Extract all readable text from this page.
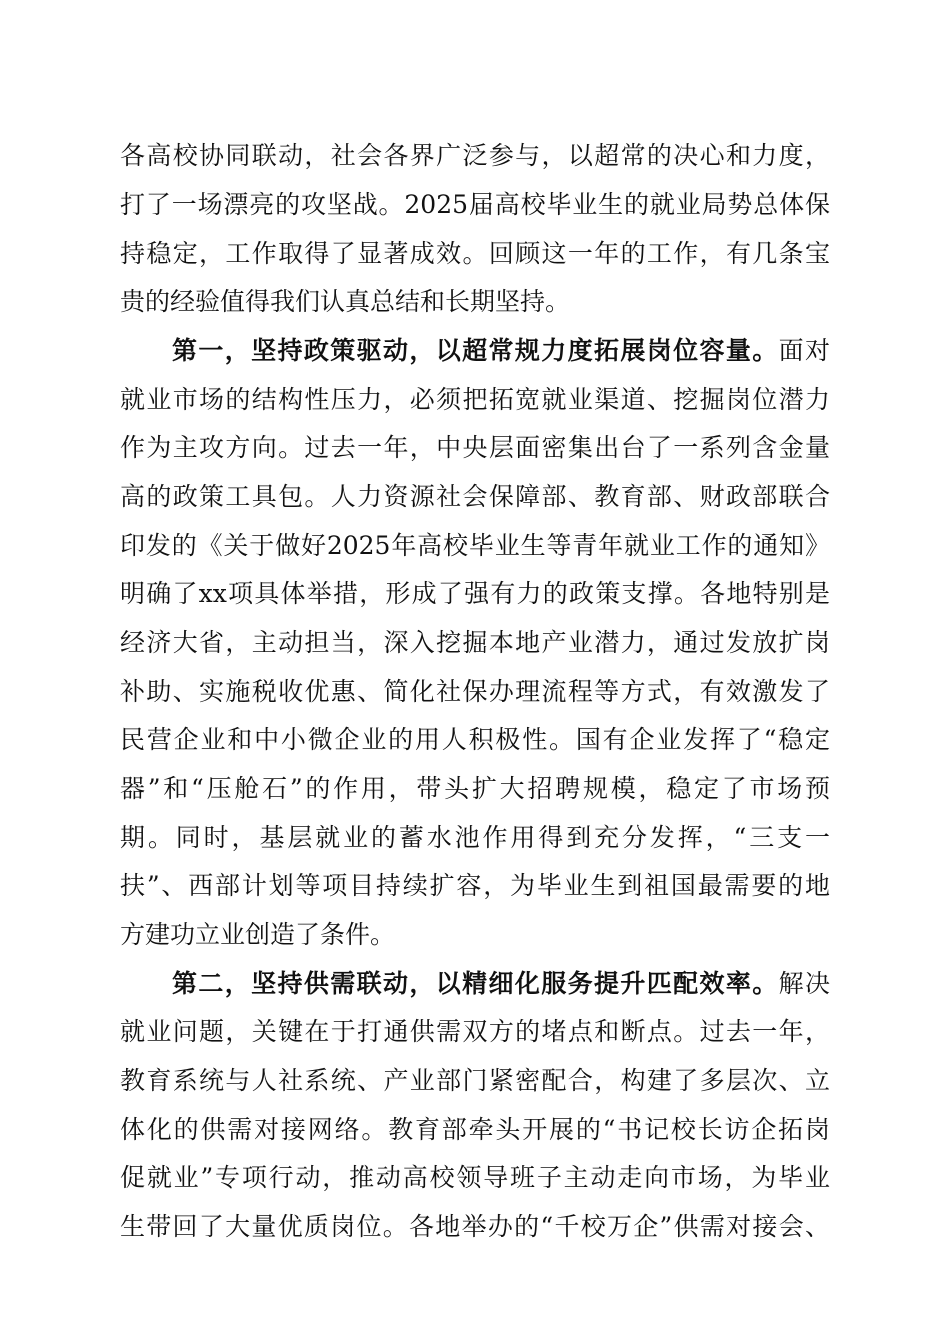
各高校协同联动，社会各界广泛参与，以超常的决心和力度，
打了一场漂亮的攻坚战。2025届高校毕业生的就业局势总体保
持稳定，工作取得了显著成效。回顾这一年的工作，有几条宝
贵的经验值得我们认真总结和长期坚持。
第一，坚持政策驱动，以超常规力度拓展岗位容量。面对
就业市场的结构性压力，必须把拓宽就业渠道、挖掘岗位潜力
作为主攻方向。过去一年，中央层面密集出台了一系列含金量
高的政策工具包。人力资源社会保障部、教育部、财政部联合
印发的《关于做好2025年高校毕业生等青年就业工作的通知》
明确了xx项具体举措，形成了强有力的政策支撑。各地特别是
经济大省，主动担当，深入挖掘本地产业潜力，通过发放扩岗
补助、实施税收优惠、简化社保办理流程等方式，有效激发了
民营企业和中小微企业的用人积极性。国有企业发挥了“稳定
器”和“压舱石”的作用，带头扩大招聘规模，稳定了市场预
期。同时，基层就业的蓄水池作用得到充分发挥，“三支一
扶”、西部计划等项目持续扩容，为毕业生到祖国最需要的地
方建功立业创造了条件。
第二，坚持供需联动，以精细化服务提升匹配效率。解决
就业问题，关键在于打通供需双方的堵点和断点。过去一年，
教育系统与人社系统、产业部门紧密配合，构建了多层次、立
体化的供需对接网络。教育部牵头开展的“书记校长访企拓岗
促就业”专项行动，推动高校领导班子主动走向市场，为毕业
生带回了大量优质岗位。各地举办的“千校万企”供需对接会、
